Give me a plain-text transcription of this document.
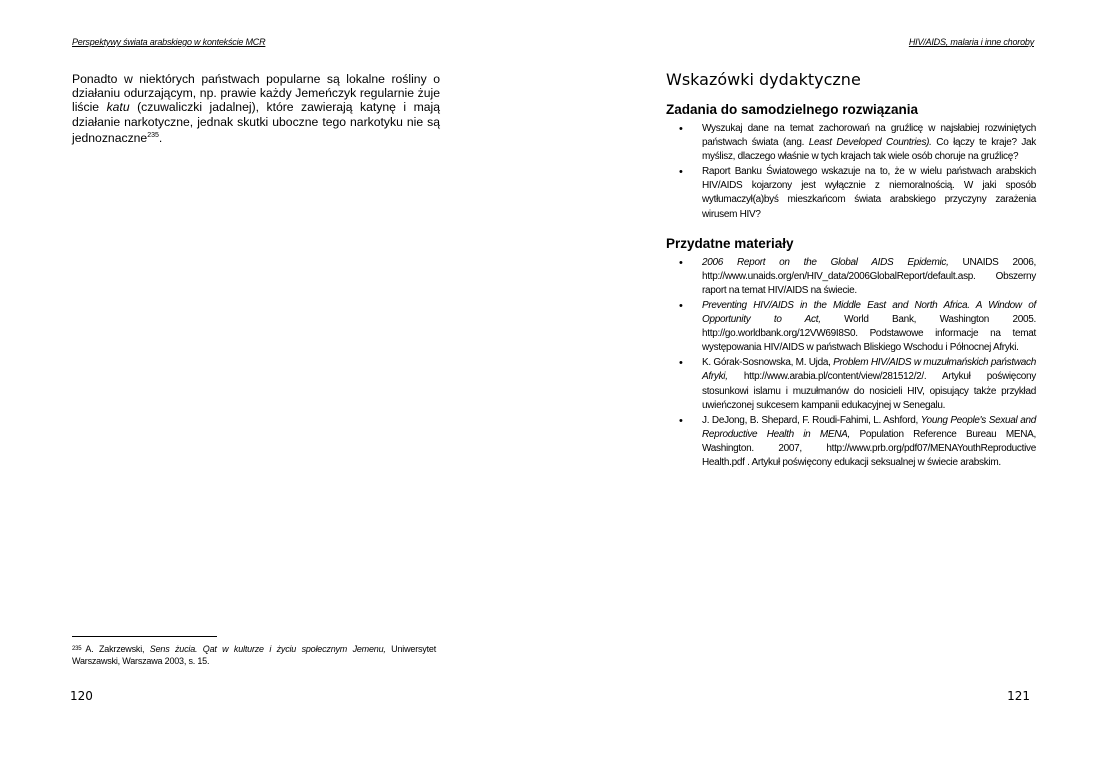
Perspektywy świata arabskiego w kontekście MCR

Ponadto w niektórych państwach popularne są lokalne rośliny o działaniu odurzającym, np. prawie każdy Jemeńczyk regularnie żuje liście katu (czuwaliczki jadalnej), które zawierają katynę i mają działanie narkotyczne, jednak skutki uboczne tego narkotyku nie są jednoznaczne$^{235}$.

$^{235}$ A. Zakrzewski, Sens żucia. Qat w kulturze i życiu społecznym Jemenu, Uniwersytet Warszawski, Warszawa 2003, s. 15.
120
HIV/AIDS, malaria i inne choroby
Wskazówki dydaktyczne
Zadania do samodzielnego rozwiązania
• Wyszukaj dane na temat zachorowań na gruźlicę w najsłabiej rozwiniętych państwach świata (ang. Least Developed Countries). Co łączy te kraje? Jak myślisz, dlaczego właśnie w tych krajach tak wiele osób choruje na gruźlicę?
• Raport Banku Światowego wskazuje na to, że w wielu państwach arabskich HIV/AIDS kojarzony jest wyłącznie z niemoralnością. W jaki sposób wytłumaczył(a)byś mieszkańcom świata arabskiego przyczyny zarażenia wirusem HIV?
Przydatne materiały
• 2006 Report on the Global AIDS Epidemic, UNAIDS 2006, http://www.unaids.org/en/HIV_data/2006GlobalReport/default.asp. Obszerny raport na temat HIV/AIDS na świecie.
• Preventing HIV/AIDS in the Middle East and North Africa. A Window of Opportunity to Act, World Bank, Washington 2005. http://go.worldbank.org/12VW69I8S0. Podstawowe informacje na temat występowania HIV/AIDS w państwach Bliskiego Wschodu i Północnej Afryki.
• K. Górak-Sosnowska, M. Ujda, Problem HIV/AIDS w muzułmańskich państwach Afryki, http://www.arabia.pl/content/view/281512/2/. Artykuł poświęcony stosunkowi islamu i muzułmanów do nosicieli HIV, opisujący także przykład uwieńczonej sukcesem kampanii edukacyjnej w Senegalu.
• J. DeJong, B. Shepard, F. Roudi-Fahimi, L. Ashford, Young People's Sexual and Reproductive Health in MENA, Population Reference Bureau MENA, Washington. 2007, http://www.prb.org/pdf07/MENAYouthReproductive Health.pdf . Artykuł poświęcony edukacji seksualnej w świecie arabskim.
121
